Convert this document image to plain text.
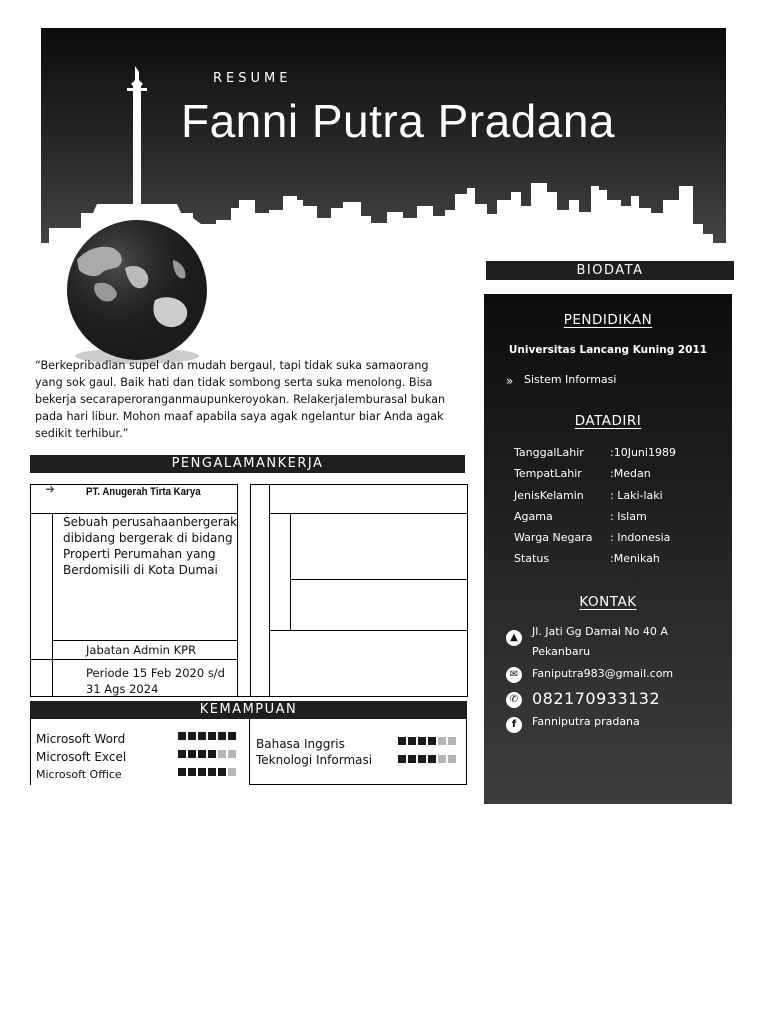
RESUME
Fanni Putra Pradana
“Berkepribadian supel dan mudah bergaul, tapi tidak suka samaorang yang sok gaul. Baik hati dan tidak sombong serta suka menolong. Bisa bekerja secaraperoranganmaupunkeroyokan. Relakerjalemburasal bukan pada hari libur. Mohon maaf apabila saya agak ngelantur biar Anda agak sedikit terhibur.”
PENGALAMANKERJA
➜	PT. Anugerah Tirta Karya
Sebuah perusahaanbergerak dibidang bergerak di bidang Properti Perumahan yang Berdomisili di Kota Dumai
Jabatan Admin KPR
Periode 15 Feb 2020 s/d 31 Ags 2024
KEMAMPUAN
Microsoft Word
Microsoft Excel
Microsoft Office
Bahasa Inggris
Teknologi Informasi
BIODATA
PENDIDIKAN
Universitas Lancang Kuning 2011
» Sistem Informasi
DATADIRI
TanggalLahir :10Juni1989
TempatLahir	:Medan
JenisKelamin : Laki-laki
Agama	: Islam
Warga Negara : Indonesia
Status	:Menikah
KONTAK
▲	Jl. Jati Gg Damai No 40 A Pekanbaru
✉	Faniputra983@gmail.com
✆ 082170933132
f	Fanniputra pradana
